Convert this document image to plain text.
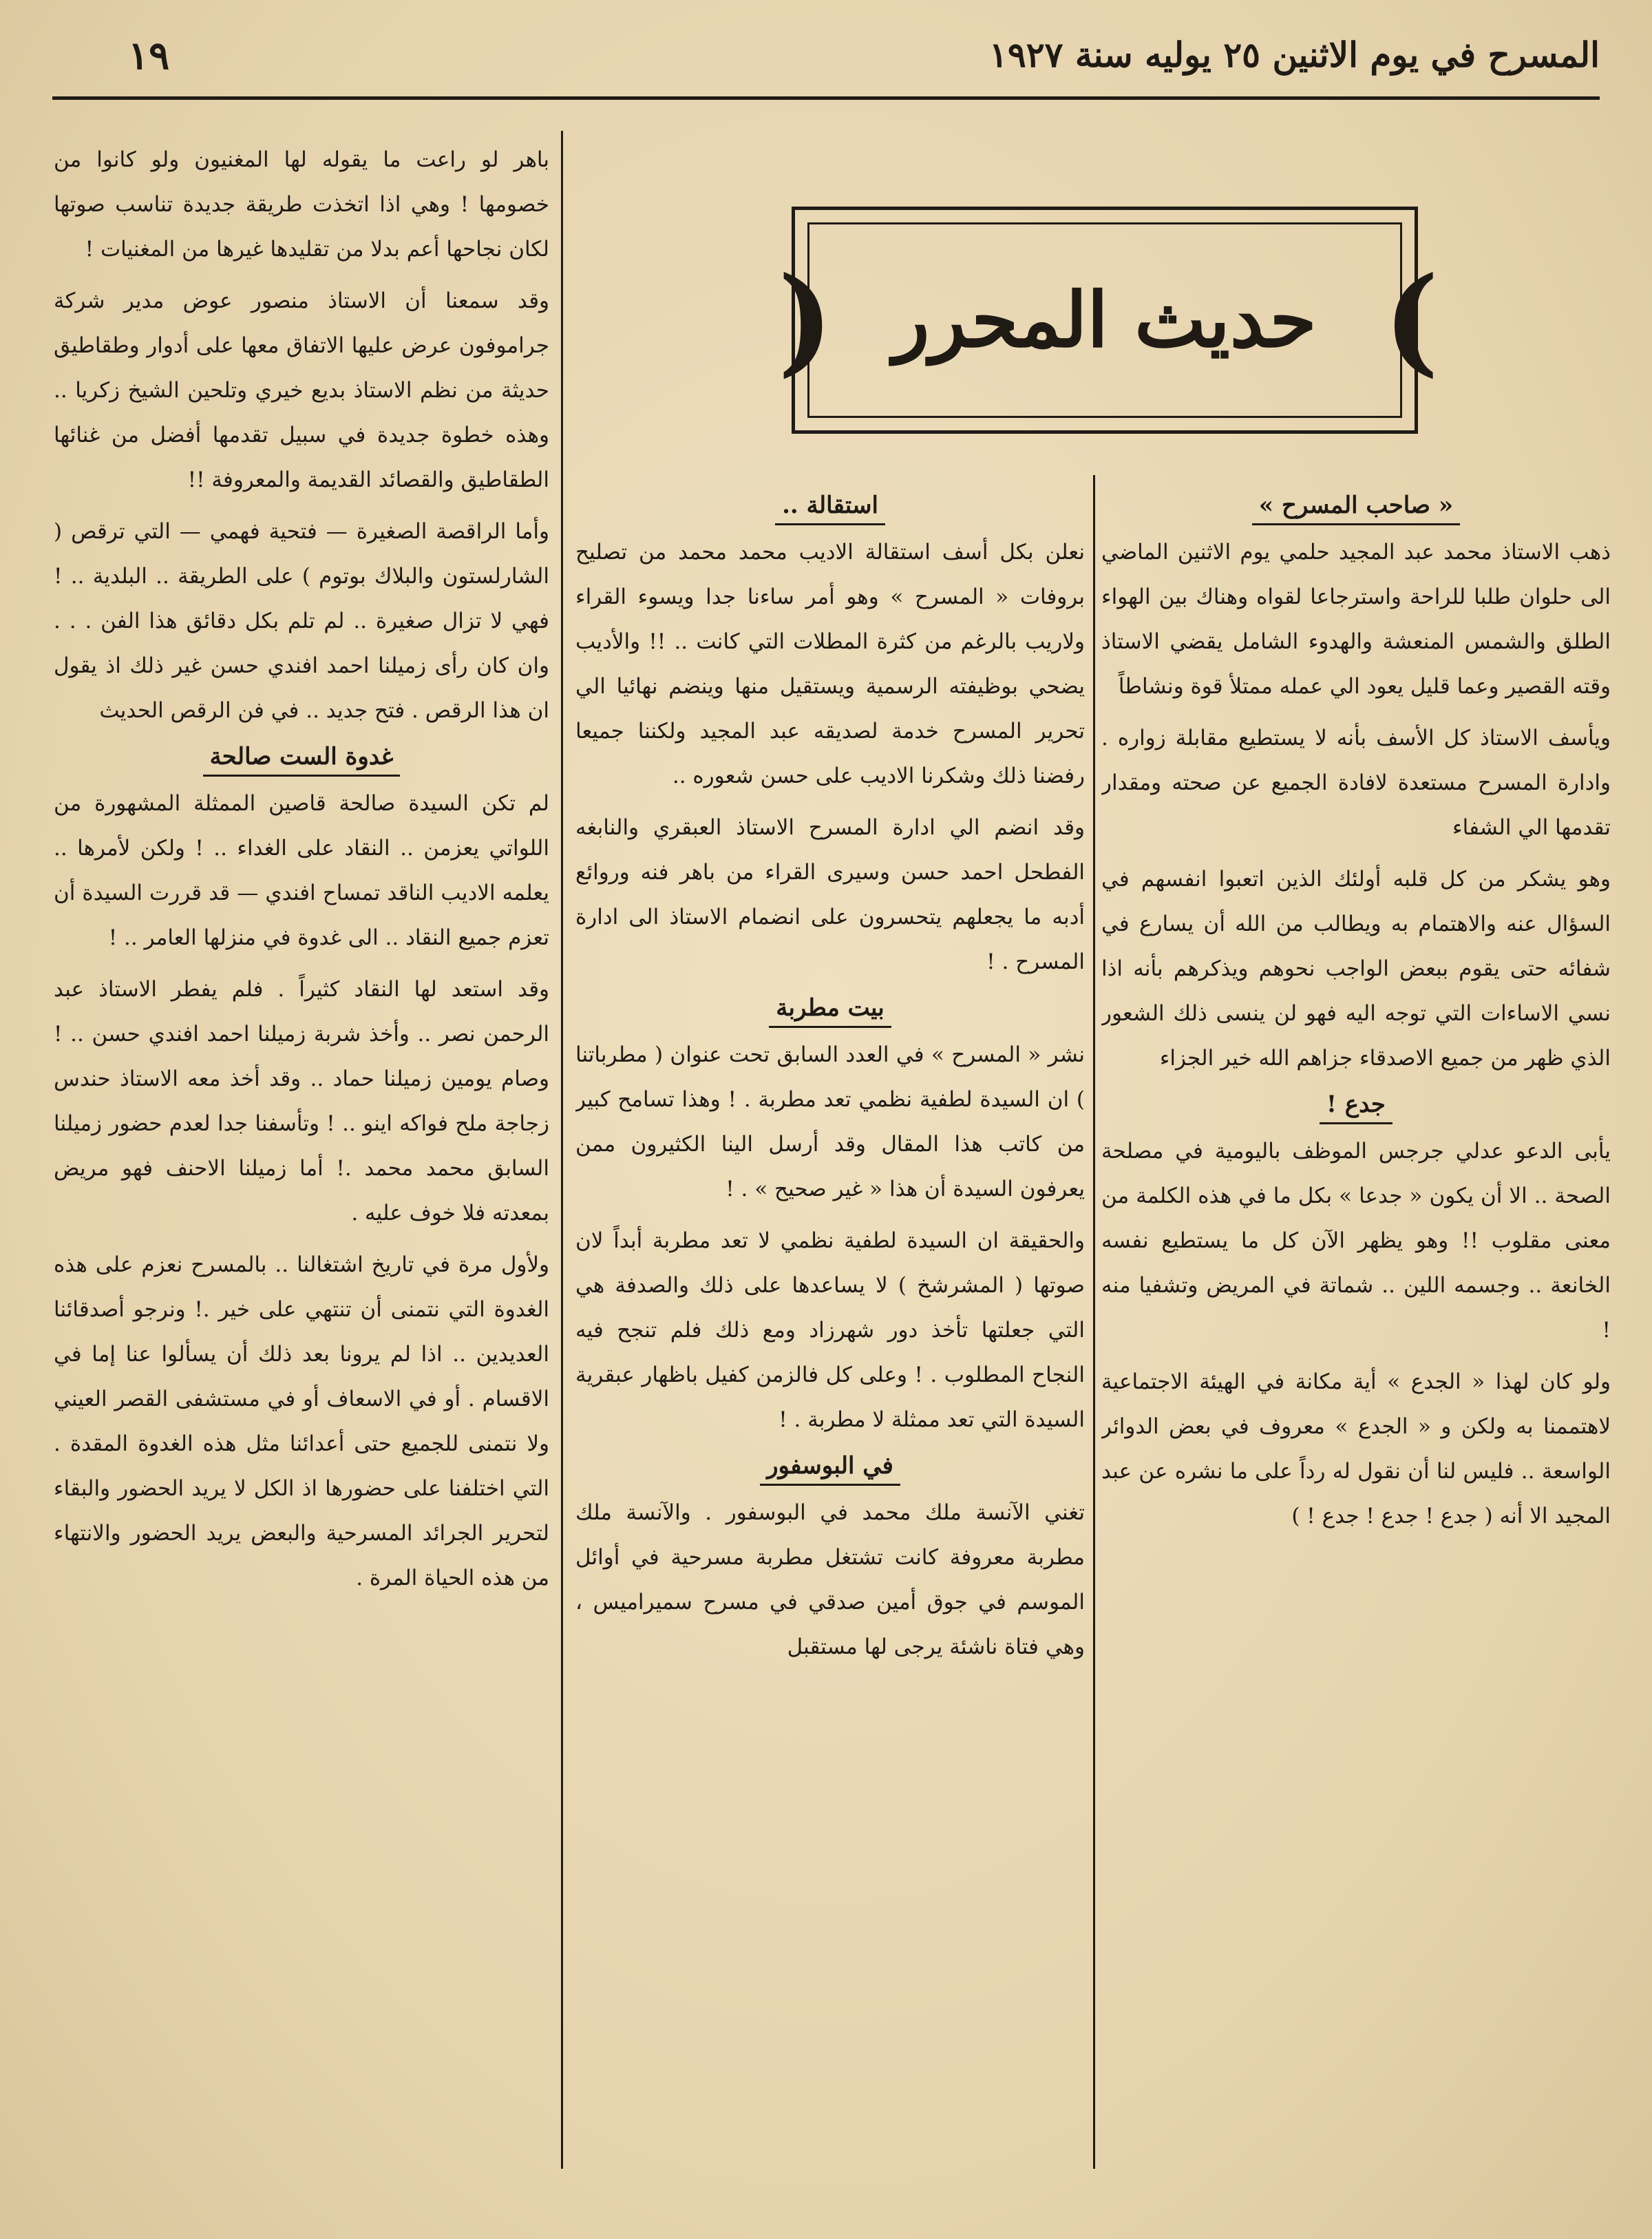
المسرح في يوم الاثنين ٢٥ يوليه سنة ١٩٢٧
١٩
( حديث المحرر )
« صاحب المسرح »

ذهب الاستاذ محمد عبد المجيد حلمي يوم الاثنين الماضي الى حلوان طلبا للراحة واسترجاعا لقواه وهناك بين الهواء الطلق والشمس المنعشة والهدوء الشامل يقضي الاستاذ وقته القصير وعما قليل يعود الي عمله ممتلأ قوة ونشاطاً

ويأسف الاستاذ كل الأسف بأنه لا يستطيع مقابلة زواره . وادارة المسرح مستعدة لافادة الجميع عن صحته ومقدار تقدمها الي الشفاء

وهو يشكر من كل قلبه أولئك الذين اتعبوا انفسهم في السؤال عنه والاهتمام به ويطالب من الله أن يسارع في شفائه حتى يقوم ببعض الواجب نحوهم ويذكرهم بأنه اذا نسي الاساءات التي توجه اليه فهو لن ينسى ذلك الشعور الذي ظهر من جميع الاصدقاء جزاهم الله خير الجزاء

جدع !

يأبى الدعو عدلي جرجس الموظف باليومية في مصلحة الصحة .. الا أن يكون « جدعا » بكل ما في هذه الكلمة من معنى مقلوب !! وهو يظهر الآن كل ما يستطيع نفسه الخانعة .. وجسمه اللين .. شماتة في المريض وتشفيا منه !

ولو كان لهذا « الجدع » أية مكانة في الهيئة الاجتماعية لاهتممنا به ولكن و « الجدع » معروف في بعض الدوائر الواسعة .. فليس لنا أن نقول له رداً على ما نشره عن عبد المجيد الا أنه ( جدع ! جدع ! جدع ! )

استقالة ..

نعلن بكل أسف استقالة الاديب محمد محمد من تصليح بروفات « المسرح » وهو أمر ساءنا جدا ويسوء القراء ولاريب بالرغم من كثرة المطلات التي كانت .. !! والأديب يضحي بوظيفته الرسمية ويستقيل منها وينضم نهائيا الي تحرير المسرح خدمة لصديقه عبد المجيد ولكننا جميعا رفضنا ذلك وشكرنا الاديب على حسن شعوره ..

وقد انضم الي ادارة المسرح الاستاذ العبقري والنابغه الفطحل احمد حسن وسيرى القراء من باهر فنه وروائع أدبه ما يجعلهم يتحسرون على انضمام الاستاذ الى ادارة المسرح . !

بيت مطربة

نشر « المسرح » في العدد السابق تحت عنوان ( مطرباتنا ) ان السيدة لطفية نظمي تعد مطربة . ! وهذا تسامح كبير من كاتب هذا المقال وقد أرسل الينا الكثيرون ممن يعرفون السيدة أن هذا « غير صحيح » . !

والحقيقة ان السيدة لطفية نظمي لا تعد مطربة أبداً لان صوتها ( المشرشخ ) لا يساعدها على ذلك والصدفة هي التي جعلتها تأخذ دور شهرزاد ومع ذلك فلم تنجح فيه النجاح المطلوب . ! وعلى كل فالزمن كفيل باظهار عبقرية السيدة التي تعد ممثلة لا مطربة . !

في البوسفور

تغني الآنسة ملك محمد في البوسفور . والآنسة ملك مطربة معروفة كانت تشتغل مطربة مسرحية في أوائل الموسم في جوق أمين صدقي في مسرح سميراميس ، وهي فتاة ناشئة يرجى لها مستقبل

باهر لو راعت ما يقوله لها المغنيون ولو كانوا من خصومها ! وهي اذا اتخذت طريقة جديدة تناسب صوتها لكان نجاحها أعم بدلا من تقليدها غيرها من المغنيات !

وقد سمعنا أن الاستاذ منصور عوض مدير شركة جراموفون عرض عليها الاتفاق معها على أدوار وطقاطيق حديثة من نظم الاستاذ بديع خيري وتلحين الشيخ زكريا .. وهذه خطوة جديدة في سبيل تقدمها أفضل من غنائها الطقاطيق والقصائد القديمة والمعروفة !!

وأما الراقصة الصغيرة — فتحية فهمي — التي ترقص ( الشارلستون والبلاك بوتوم ) على الطريقة .. البلدية .. ! فهي لا تزال صغيرة .. لم تلم بكل دقائق هذا الفن . . . وان كان رأى زميلنا احمد افندي حسن غير ذلك اذ يقول ان هذا الرقص . فتح جديد .. في فن الرقص الحديث

غدوة الست صالحة

لم تكن السيدة صالحة قاصين الممثلة المشهورة من اللواتي يعزمن .. النقاد على الغداء .. ! ولكن لأمرها .. يعلمه الاديب الناقد تمساح افندي — قد قررت السيدة أن تعزم جميع النقاد .. الى غدوة في منزلها العامر .. !

وقد استعد لها النقاد كثيراً . فلم يفطر الاستاذ عبد الرحمن نصر .. وأخذ شربة زميلنا احمد افندي حسن .. ! وصام يومين زميلنا حماد .. وقد أخذ معه الاستاذ حندس زجاجة ملح فواكه اينو .. ! وتأسفنا جدا لعدم حضور زميلنا السابق محمد محمد .! أما زميلنا الاحنف فهو مريض بمعدته فلا خوف عليه .

ولأول مرة في تاريخ اشتغالنا .. بالمسرح نعزم على هذه الغدوة التي نتمنى أن تنتهي على خير .! ونرجو أصدقائنا العديدين .. اذا لم يرونا بعد ذلك أن يسألوا عنا إما في الاقسام . أو في الاسعاف أو في مستشفى القصر العيني ولا نتمنى للجميع حتى أعدائنا مثل هذه الغدوة المقدة . التي اختلفنا على حضورها اذ الكل لا يريد الحضور والبقاء لتحرير الجرائد المسرحية والبعض يريد الحضور والانتهاء من هذه الحياة المرة .
